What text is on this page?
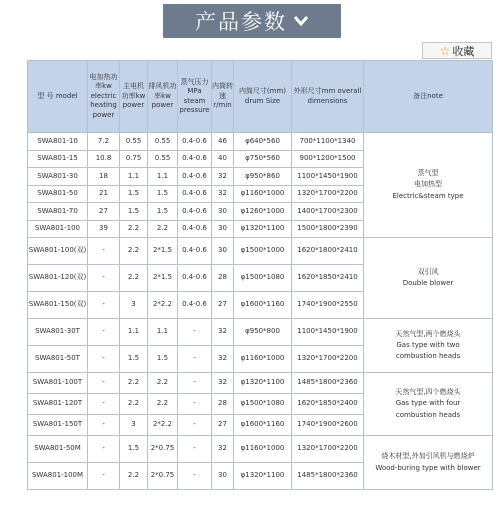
产品参数
☆ 收藏
型 号 model	电加热功率kw electric heating power	主电机功率kw power	排风机功率kw power	蒸气压力MPa steam pressure	内筒转速r/min	内筒尺寸(mm) drum Size	外形尺寸mm overall dimensions	备注note
SWA801-10	7.2	0.55	0.55	0.4-0.6	46	φ640*560	700*1100*1340	蒸气型
电加热型
Electric&steam type

SWA801-15	10.8	0.75	0.55	0.4-0.6	40	φ750*560	900*1200*1500	
SWA801-30	18	1.1	1.1	0.4-0.6	32	φ950*860	1100*1450*1900	
SWA801-50	21	1.5	1.5	0.4-0.6	32	φ1160*1000	1320*1700*2200	
SWA801-70	27	1.5	1.5	0.4-0.6	30	φ1260*1000	1400*1700*2300	
SWA801-100	39	2.2	2.2	0.4-0.6	30	φ1320*1100	1500*1800*2390	
SWA801-100(双)	-	2.2	2*1.5	0.4-0.6	30	φ1500*1000	1620*1800*2410	双引风
Double blower

SWA801-120(双)	-	2.2	2*1.5	0.4-0.6	28	φ1500*1080	1620*1850*2410	
SWA801-150(双)	-	3	2*2.2	0.4-0.6	27	φ1600*1160	1740*1900*2550	
SWA801-30T	-	1.1	1.1	-	32	φ950*800	1100*1450*1900	天然气型,两个燃烧头
Gas type with two
combustion heads

SWA801-50T	-	1.5	1.5	-	32	φ1160*1000	1320*1700*2200	
SWA801-100T	-	2.2	2.2	-	32	φ1320*1100	1485*1800*2360	天然气型,四个燃烧头
Gas type with four
combustion heads

SWA801-120T	-	2.2	2.2	-	28	φ1500*1080	1620*1850*2400	
SWA801-150T	-	3	2*2.2	-	27	φ1600*1160	1740*1900*2600	
SWA801-50M	-	1.5	2*0.75	-	32	φ1160*1000	1320*1700*2200	烧木材型,外加引风机与燃烧炉
Wood-buring type with blower

SWA801-100M	-	2.2	2*0.75	-	30	φ1320*1100	1485*1800*2360	
